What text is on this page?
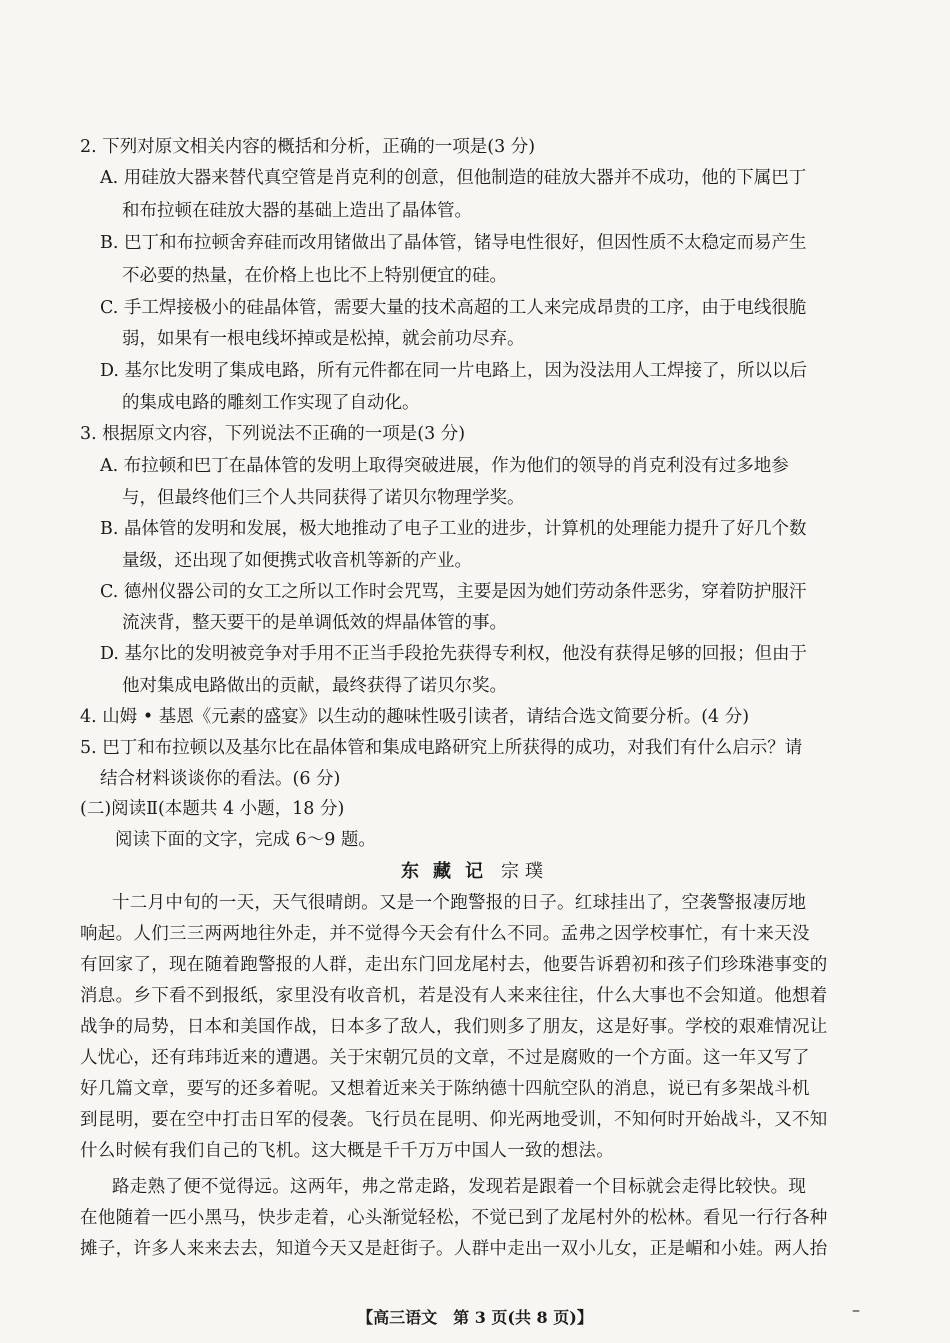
2. 下列对原文相关内容的概括和分析，正确的一项是(3 分)
A. 用硅放大器来替代真空管是肖克利的创意，但他制造的硅放大器并不成功，他的下属巴丁
和布拉顿在硅放大器的基础上造出了晶体管。
B. 巴丁和布拉顿舍弃硅而改用锗做出了晶体管，锗导电性很好，但因性质不太稳定而易产生
不必要的热量，在价格上也比不上特别便宜的硅。
C. 手工焊接极小的硅晶体管，需要大量的技术高超的工人来完成昂贵的工序，由于电线很脆
弱，如果有一根电线坏掉或是松掉，就会前功尽弃。
D. 基尔比发明了集成电路，所有元件都在同一片电路上，因为没法用人工焊接了，所以以后
的集成电路的雕刻工作实现了自动化。
3. 根据原文内容，下列说法不正确的一项是(3 分)
A. 布拉顿和巴丁在晶体管的发明上取得突破进展，作为他们的领导的肖克利没有过多地参
与，但最终他们三个人共同获得了诺贝尔物理学奖。
B. 晶体管的发明和发展，极大地推动了电子工业的进步，计算机的处理能力提升了好几个数
量级，还出现了如便携式收音机等新的产业。
C. 德州仪器公司的女工之所以工作时会咒骂，主要是因为她们劳动条件恶劣，穿着防护服汗
流浃背，整天要干的是单调低效的焊晶体管的事。
D. 基尔比的发明被竞争对手用不正当手段抢先获得专利权，他没有获得足够的回报；但由于
他对集成电路做出的贡献，最终获得了诺贝尔奖。
4. 山姆 • 基恩《元素的盛宴》以生动的趣味性吸引读者，请结合选文简要分析。(4 分)
5. 巴丁和布拉顿以及基尔比在晶体管和集成电路研究上所获得的成功，对我们有什么启示？请
结合材料谈谈你的看法。(6 分)
(二)阅读Ⅱ(本题共 4 小题，18 分)
阅读下面的文字，完成 6～9 题。
东藏记 宗璞
十二月中旬的一天，天气很晴朗。又是一个跑警报的日子。红球挂出了，空袭警报凄厉地
响起。人们三三两两地往外走，并不觉得今天会有什么不同。孟弗之因学校事忙，有十来天没
有回家了，现在随着跑警报的人群，走出东门回龙尾村去，他要告诉碧初和孩子们珍珠港事变的
消息。乡下看不到报纸，家里没有收音机，若是没有人来来往往，什么大事也不会知道。他想着
战争的局势，日本和美国作战，日本多了敌人，我们则多了朋友，这是好事。学校的艰难情况让
人忧心，还有玮玮近来的遭遇。关于宋朝冗员的文章，不过是腐败的一个方面。这一年又写了
好几篇文章，要写的还多着呢。又想着近来关于陈纳德十四航空队的消息，说已有多架战斗机
到昆明，要在空中打击日军的侵袭。飞行员在昆明、仰光两地受训，不知何时开始战斗，又不知
什么时候有我们自己的飞机。这大概是千千万万中国人一致的想法。
路走熟了便不觉得远。这两年，弗之常走路，发现若是跟着一个目标就会走得比较快。现
在他随着一匹小黑马，快步走着，心头渐觉轻松，不觉已到了龙尾村外的松林。看见一行行各种
摊子，许多人来来去去，知道今天又是赶街子。人群中走出一双小儿女，正是嵋和小娃。两人抬
【高三语文　第 3 页(共 8 页)】	–
